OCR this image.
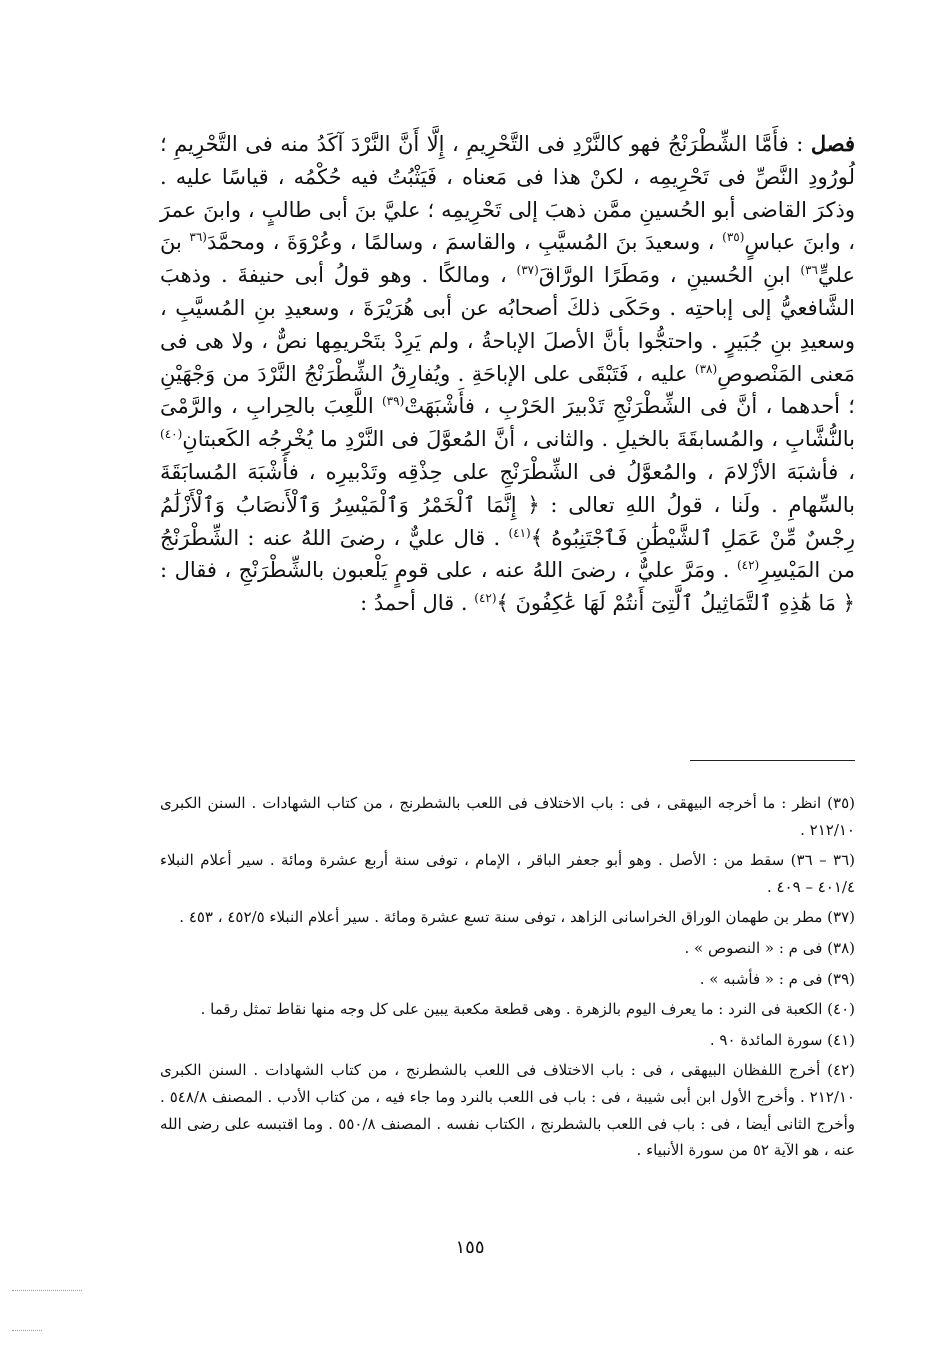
فصل : فأَمَّا الشِّطْرَنْجُ فهو كالنَّرْدِ فى التَّحْرِيمِ ، إِلَّا أَنَّ النَّرْدَ آكَدُ منه فى التَّحْرِيمِ ؛ لُورُودِ النَّصِّ فى تَحْرِيمِه ، لكنْ هذا فى مَعناه ، فَيَثْبُتُ فيه حُكْمُه ، قياسًا عليه . وذكرَ القاضى أبو الحُسينِ ممَّن ذهبَ إلى تَحْرِيمِه ؛ عليَّ بنَ أبى طالبٍ ، وابنَ عمرَ ، وابنَ عباسٍ$^{(٣٥)}$ ، وسعيدَ بنَ المُسيَّبِ ، والقاسمَ ، وسالمًا ، وعُرْوَةَ ، ومحمَّدَ$^{(٣٦}$ بنَ عليٍّ$^{٣٦)}$ ابنِ الحُسينِ ، ومَطَرًا الورَّاقَ$^{(٣٧)}$ ، ومالكًا . وهو قولُ أبى حنيفةَ . وذهبَ الشَّافعيُّ إلى إباحتِه . وحَكَى ذلكَ أصحابُه عن أبى هُرَيْرَةَ ، وسعيدِ بنِ المُسيَّبِ ، وسعيدِ بنِ جُبَيرٍ . واحتجُّوا بأنَّ الأصلَ الإباحةُ ، ولم يَرِدْ بتَحْريمِها نصٌّ ، ولا هى فى مَعنى المَنْصوصِ$^{(٣٨)}$ عليه ، فَتَبْقَى على الإباحَةِ . ويُفارِقُ الشِّطْرَنْجُ النَّرْدَ من وَجْهَيْنِ ؛ أحدهما ، أنَّ فى الشِّطْرَنْجِ تَدْبيرَ الحَرْبِ ، فأَشْبَهَتْ$^{(٣٩)}$ اللَّعِبَ بالحِرابِ ، والرَّمْىَ بالنُّشَّابِ ، والمُسابقَةَ بالخيلِ . والثانى ، أنَّ المُعوَّلَ فى النَّرْدِ ما يُخْرِجُه الكَعبتانِ$^{(٤٠)}$ ، فأشبَهَ الأزْلامَ ، والمُعوَّلُ فى الشِّطْرَنْجِ على حِذْقِه وتَدْبيرِه ، فأَشْبَهَ المُسابَقَةَ بالسِّهامِ . ولَنا ، قولُ اللهِ تعالى : ﴿ إِنَّمَا ٱلْخَمْرُ وَٱلْمَيْسِرُ وَٱلْأَنصَابُ وَٱلْأَزْلَٰمُ رِجْسٌ مِّنْ عَمَلِ ٱلشَّيْطَٰنِ فَٱجْتَنِبُوهُ ﴾$^{(٤١)}$ . قال عليٌّ ، رضىَ اللهُ عنه : الشِّطْرَنْجُ من المَيْسِرِ$^{(٤٢)}$ . ومَرَّ عليٌّ ، رضىَ اللهُ عنه ، على قومٍ يَلْعبون بالشِّطْرَنْجِ ، فقال : ﴿ مَا هَٰذِهِ ٱلتَّمَاثِيلُ ٱلَّتِىٓ أَنتُمْ لَهَا عَٰكِفُونَ ﴾$^{(٤٢)}$ . قال أحمدُ :

(٣٥) انظر : ما أخرجه البيهقى ، فى : باب الاختلاف فى اللعب بالشطرنج ، من كتاب الشهادات . السنن الكبرى ٢١٢/١٠ .

(٣٦ – ٣٦) سقط من : الأصل . وهو أبو جعفر الباقر ، الإمام ، توفى سنة أربع عشرة ومائة . سير أعلام النبلاء ٤٠١/٤ – ٤٠٩ .

(٣٧) مطر بن طهمان الوراق الخراسانى الزاهد ، توفى سنة تسع عشرة ومائة . سير أعلام النبلاء ٤٥٢/٥ ، ٤٥٣ .

(٣٨) فى م : « النصوص » .

(٣٩) فى م : « فأشبه » .

(٤٠) الكعبة فى النرد : ما يعرف اليوم بالزهرة . وهى قطعة مكعبة يبين على كل وجه منها نقاط تمثل رقما .

(٤١) سورة المائدة ٩٠ .

(٤٢) أخرج اللفظان البيهقى ، فى : باب الاختلاف فى اللعب بالشطرنج ، من كتاب الشهادات . السنن الكبرى ٢١٢/١٠ . وأخرج الأول ابن أبى شيبة ، فى : باب فى اللعب بالنرد وما جاء فيه ، من كتاب الأدب . المصنف ٥٤٨/٨ . وأخرج الثانى أيضا ، فى : باب فى اللعب بالشطرنج ، الكتاب نفسه . المصنف ٥٥٠/٨ . وما اقتبسه على رضى الله عنه ، هو الآية ٥٢ من سورة الأنبياء .

١٥٥
